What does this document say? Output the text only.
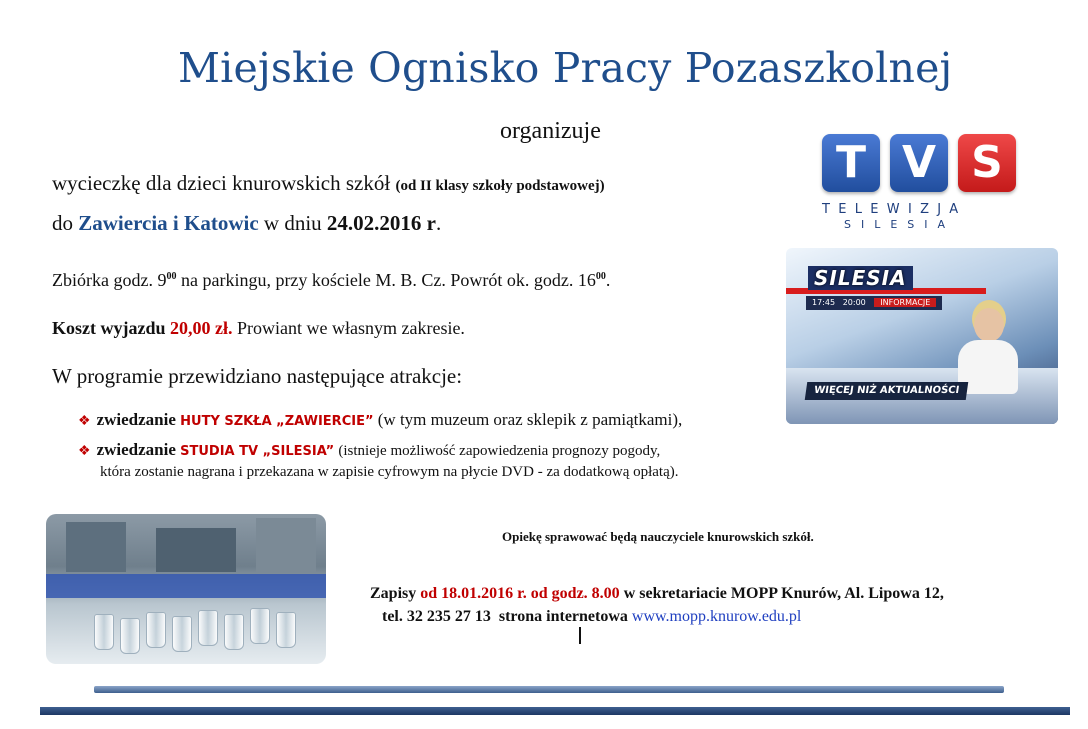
Miejskie Ognisko Pracy Pozaszkolnej
organizuje
wycieczkę dla dzieci knurowskich szkół (od II klasy szkoły podstawowej)
do Zawiercia i Katowic w dniu 24.02.2016 r.
Zbiórka godz. $9^{00}$ na parkingu, przy kościele M. B. Cz. Powrót ok. godz. $16^{00}$.
Koszt wyjazdu 20,00 zł. Prowiant we własnym zakresie.
W programie przewidziano następujące atrakcje:
❖ zwiedzanie HUTY SZKŁA „ZAWIERCIE” (w tym muzeum oraz sklepik z pamiątkami),
❖ zwiedzanie STUDIA TV „SILESIA” (istnieje możliwość zapowiedzenia prognozy pogody,
która zostanie nagrana i przekazana w zapisie cyfrowym na płycie DVD - za dodatkową opłatą).
Opiekę sprawować będą nauczyciele knurowskich szkół.
Zapisy od 18.01.2016 r. od godz. 8.00 w sekretariacie MOPP Knurów, Al. Lipowa 12,
tel. 32 235 27 13 strona internetowa www.mopp.knurow.edu.pl
T V S
TELEWIZJA
SILESIA
SILESIA
17:45 20:00 INFORMACJE
WIĘCEJ NIŻ AKTUALNOŚCI
